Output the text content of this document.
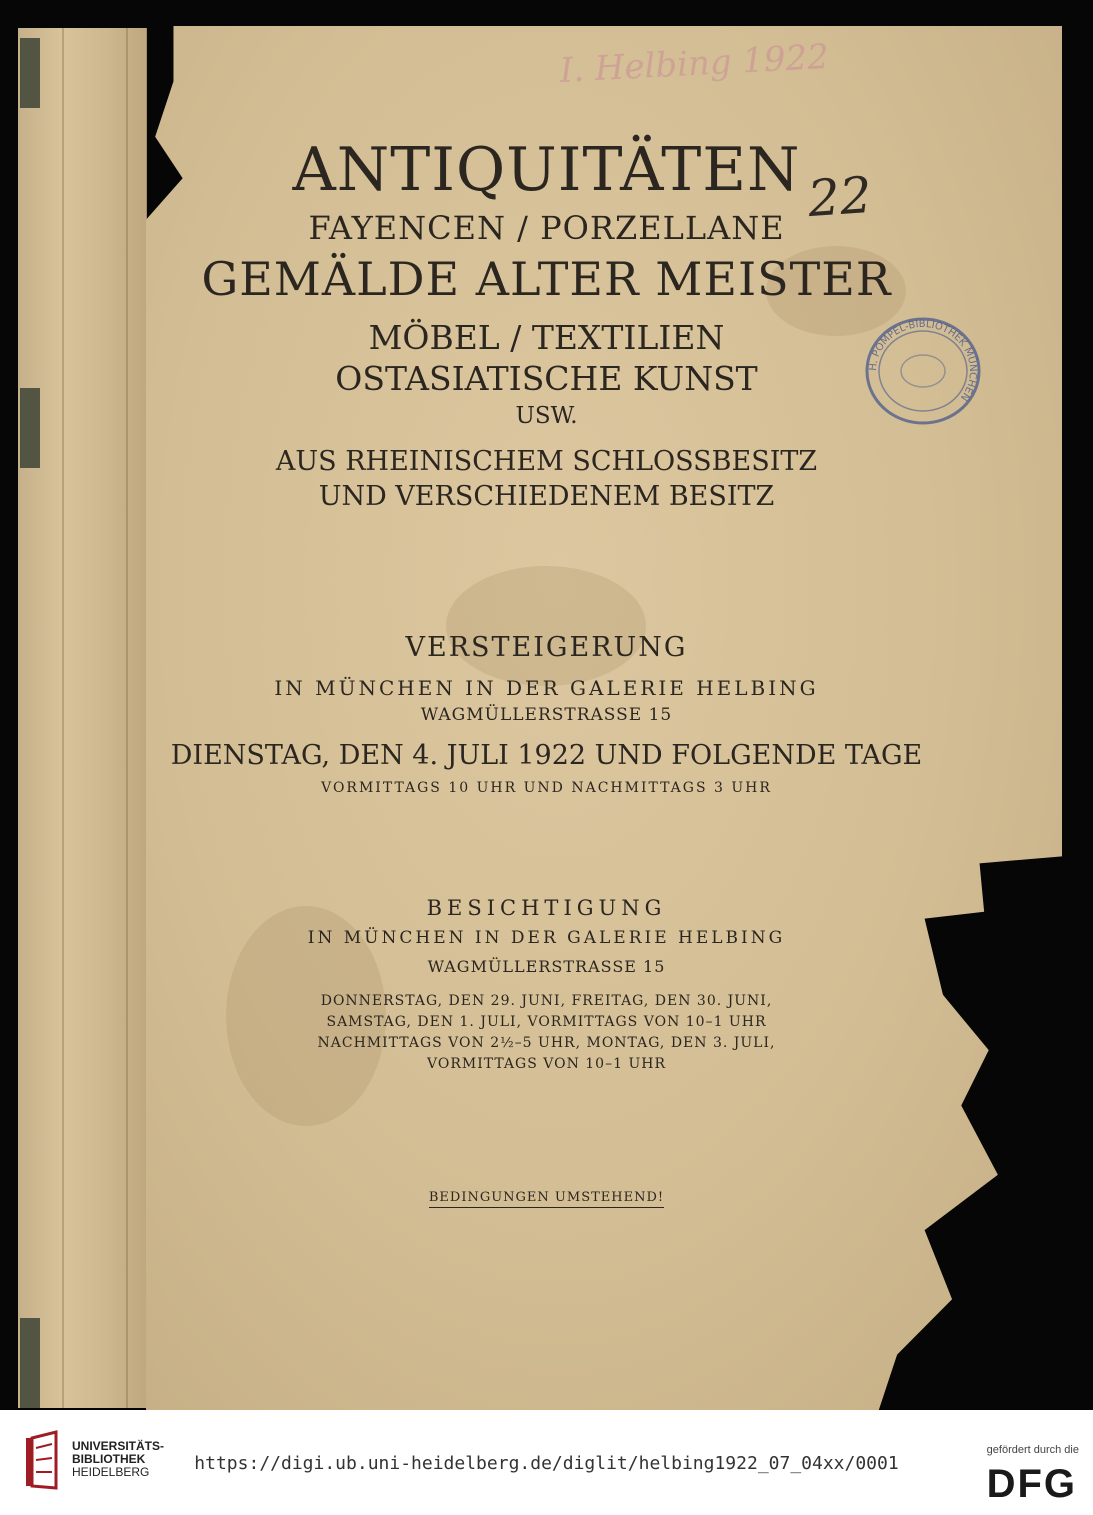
I. Helbing 1922
22
H. POMPEL-BIBLIOTHEK MÜNCHEN
ANTIQUITÄTEN
FAYENCEN / PORZELLANE
GEMÄLDE ALTER MEISTER
MÖBEL / TEXTILIEN
OSTASIATISCHE KUNST
USW.
AUS RHEINISCHEM SCHLOSSBESITZ
UND VERSCHIEDENEM BESITZ
VERSTEIGERUNG
IN MÜNCHEN IN DER GALERIE HELBING
WAGMÜLLERSTRASSE 15
DIENSTAG, DEN 4. JULI 1922 UND FOLGENDE TAGE
VORMITTAGS 10 UHR UND NACHMITTAGS 3 UHR
BESICHTIGUNG
IN MÜNCHEN IN DER GALERIE HELBING
WAGMÜLLERSTRASSE 15
DONNERSTAG, DEN 29. JUNI, FREITAG, DEN 30. JUNI,
SAMSTAG, DEN 1. JULI, VORMITTAGS VON 10–1 UHR
NACHMITTAGS VON 2½–5 UHR, MONTAG, DEN 3. JULI,
VORMITTAGS VON 10–1 UHR
BEDINGUNGEN UMSTEHEND!
UNIVERSITÄTS-
BIBLIOTHEK
HEIDELBERG	https://digi.ub.uni-heidelberg.de/diglit/helbing1922_07_04xx/0001
gefördert durch die
DFG
